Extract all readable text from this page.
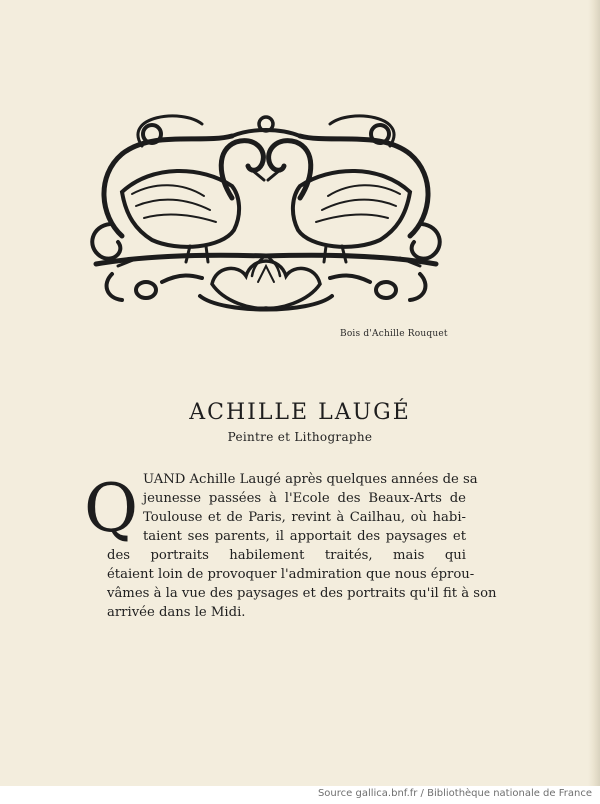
Bois d'Achille Rouquet
ACHILLE LAUGÉ
Peintre et Lithographe
Q UAND Achille Laugé après quelques années de sa
jeunesse passées à l'Ecole des Beaux-Arts de
Toulouse et de Paris, revint à Cailhau, où habi-
taient ses parents, il apportait des paysages et
des portraits habilement traités, mais qui
étaient loin de provoquer l'admiration que nous éprou-
vâmes à la vue des paysages et des portraits qu'il fit à son
arrivée dans le Midi.
Source gallica.bnf.fr / Bibliothèque nationale de France
